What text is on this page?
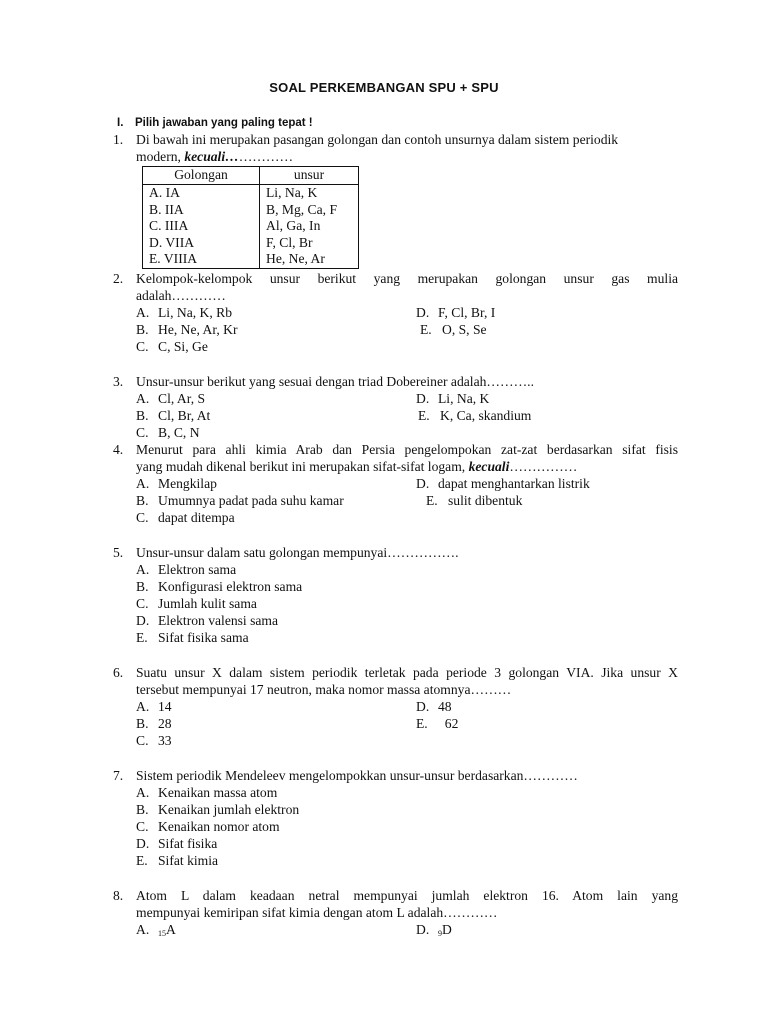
SOAL PERKEMBANGAN SPU + SPU
I. Pilih jawaban yang paling tepat !
1. Di bawah ini merupakan pasangan golongan dan contoh unsurnya dalam sistem periodik
modern, kecuali……………
Golongan	unsur
A. IA	Li, Na, K
B. IIA	B, Mg, Ca, F
C. IIIA	Al, Ga, In
D. VIIA	F, Cl, Br
E. VIIIA	He, Ne, Ar
2. Kelompok-kelompok unsur berikut yang merupakan golongan unsur gas mulia
adalah…………
A. Li, Na, K, Rb
B. He, Ne, Ar, Kr
C. C, Si, Ge
D. F, Cl, Br, I
E. O, S, Se
3. Unsur-unsur berikut yang sesuai dengan triad Dobereiner adalah………..
A. Cl, Ar, S
B. Cl, Br, At
C. B, C, N
D. Li, Na, K
E. K, Ca, skandium
4. Menurut para ahli kimia Arab dan Persia pengelompokan zat-zat berdasarkan sifat fisis
yang mudah dikenal berikut ini merupakan sifat-sifat logam, kecuali……………
A. Mengkilap
B. Umumnya padat pada suhu kamar
C. dapat ditempa
D. dapat menghantarkan listrik
E. sulit dibentuk
5. Unsur-unsur dalam satu golongan mempunyai…………….
A. Elektron sama
B. Konfigurasi elektron sama
C. Jumlah kulit sama
D. Elektron valensi sama
E. Sifat fisika sama
6. Suatu unsur X dalam sistem periodik terletak pada periode 3 golongan VIA. Jika unsur X
tersebut mempunyai 17 neutron, maka nomor massa atomnya………
A. 14
B. 28
C. 33
D. 48
E. 62
7. Sistem periodik Mendeleev mengelompokkan unsur-unsur berdasarkan…………
A. Kenaikan massa atom
B. Kenaikan jumlah elektron
C. Kenaikan nomor atom
D. Sifat fisika
E. Sifat kimia
8. Atom L dalam keadaan netral mempunyai jumlah elektron 16. Atom lain yang
mempunyai kemiripan sifat kimia dengan atom L adalah…………
A. $_{15}$A	D. $_9$D
